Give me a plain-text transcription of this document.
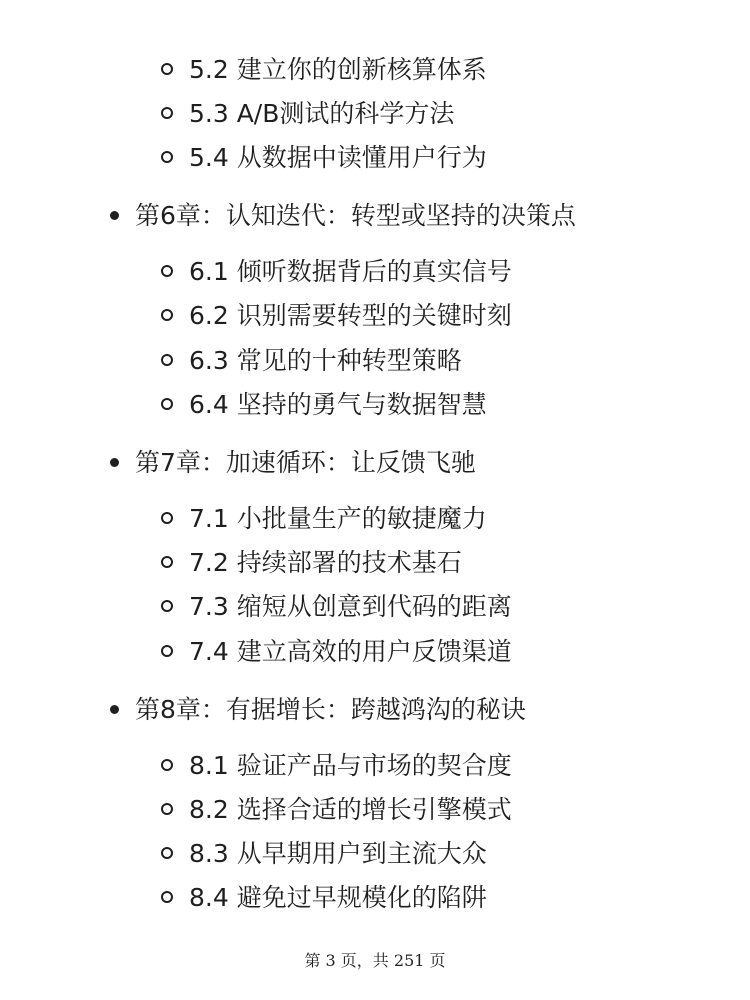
5.2 建立你的创新核算体系
5.3 A/B测试的科学方法
5.4 从数据中读懂用户行为
第6章：认知迭代：转型或坚持的决策点
6.1 倾听数据背后的真实信号
6.2 识别需要转型的关键时刻
6.3 常见的十种转型策略
6.4 坚持的勇气与数据智慧
第7章：加速循环：让反馈飞驰
7.1 小批量生产的敏捷魔力
7.2 持续部署的技术基石
7.3 缩短从创意到代码的距离
7.4 建立高效的用户反馈渠道
第8章：有据增长：跨越鸿沟的秘诀
8.1 验证产品与市场的契合度
8.2 选择合适的增长引擎模式
8.3 从早期用户到主流大众
8.4 避免过早规模化的陷阱
第 3 页，共 251 页
